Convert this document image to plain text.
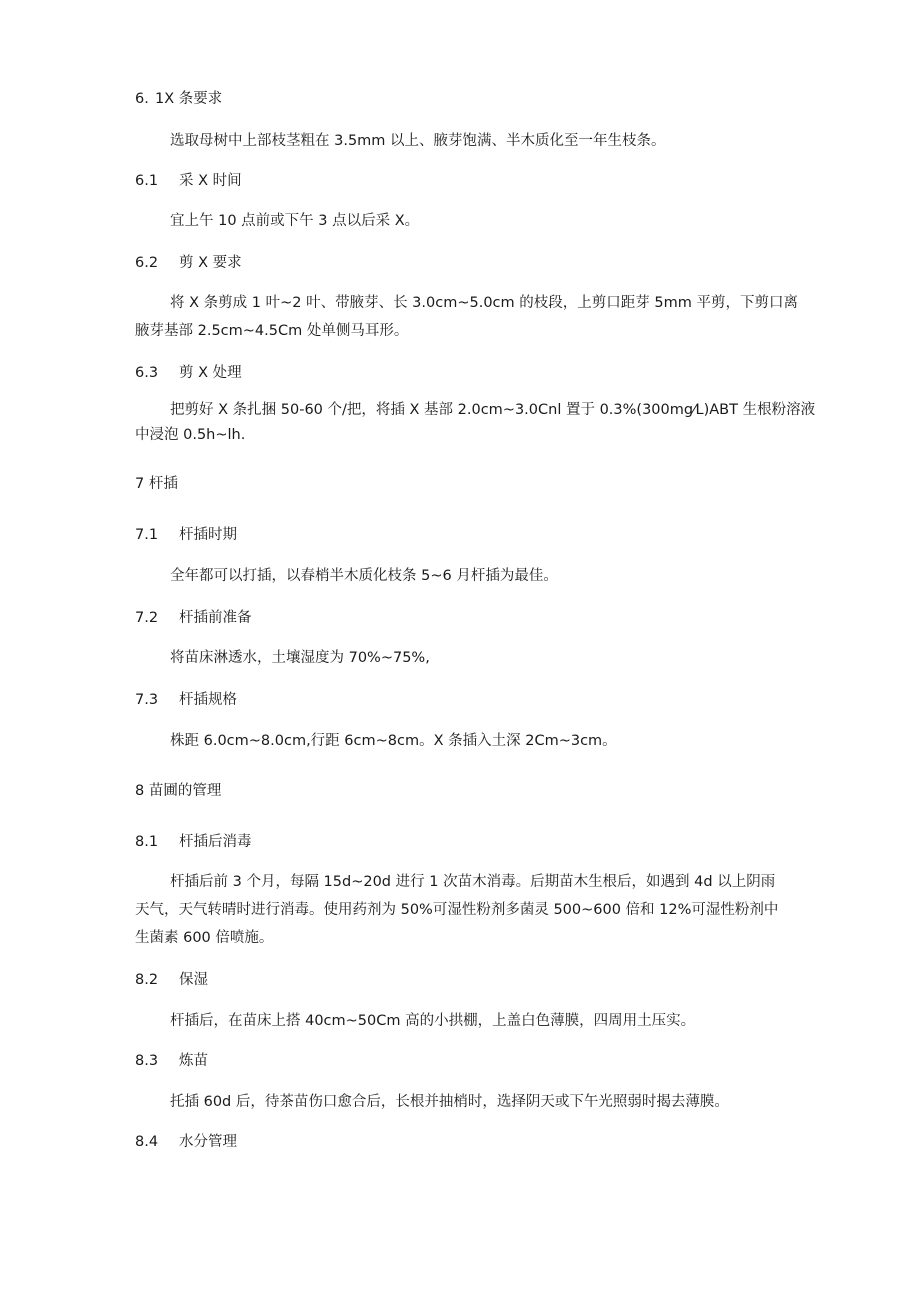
6. 1X 条要求
选取母树中上部枝茎粗在 3.5mm 以上、腋芽饱满、半木质化至一年生枝条。
6.1 采 X 时间
宜上午 10 点前或下午 3 点以后采 X。
6.2 剪 X 要求
将 X 条剪成 1 叶~2 叶、带腋芽、长 3.0cm~5.0cm 的枝段，上剪口距芽 5mm 平剪，下剪口离
腋芽基部 2.5cm~4.5Cm 处单侧马耳形。
6.3 剪 X 处理
把剪好 X 条扎捆 50-60 个/把，将插 X 基部 2.0cm~3.0Cnl 置于 0.3%(300mg⁄L)ABT 生根粉溶液
中浸泡 0.5h~lh.
7 杆插
7.1 杆插时期
全年都可以打插，以春梢半木质化枝条 5~6 月杆插为最佳。
7.2 杆插前准备
将苗床淋透水，土壤湿度为 70%~75%,
7.3 杆插规格
株距 6.0cm~8.0cm,行距 6cm~8cm。X 条插入土深 2Cm~3cm。
8 苗圃的管理
8.1 杆插后消毒
杆插后前 3 个月，每隔 15d~20d 进行 1 次苗木消毒。后期苗木生根后，如遇到 4d 以上阴雨
天气，天气转晴时进行消毒。使用药剂为 50%可湿性粉剂多菌灵 500~600 倍和 12%可湿性粉剂中
生菌素 600 倍喷施。
8.2 保湿
杆插后，在苗床上搭 40cm~50Cm 高的小拱棚，上盖白色薄膜，四周用土压实。
8.3 炼苗
托插 60d 后，待茶苗伤口愈合后，长根并抽梢时，选择阴天或下午光照弱时揭去薄膜。
8.4 水分管理
